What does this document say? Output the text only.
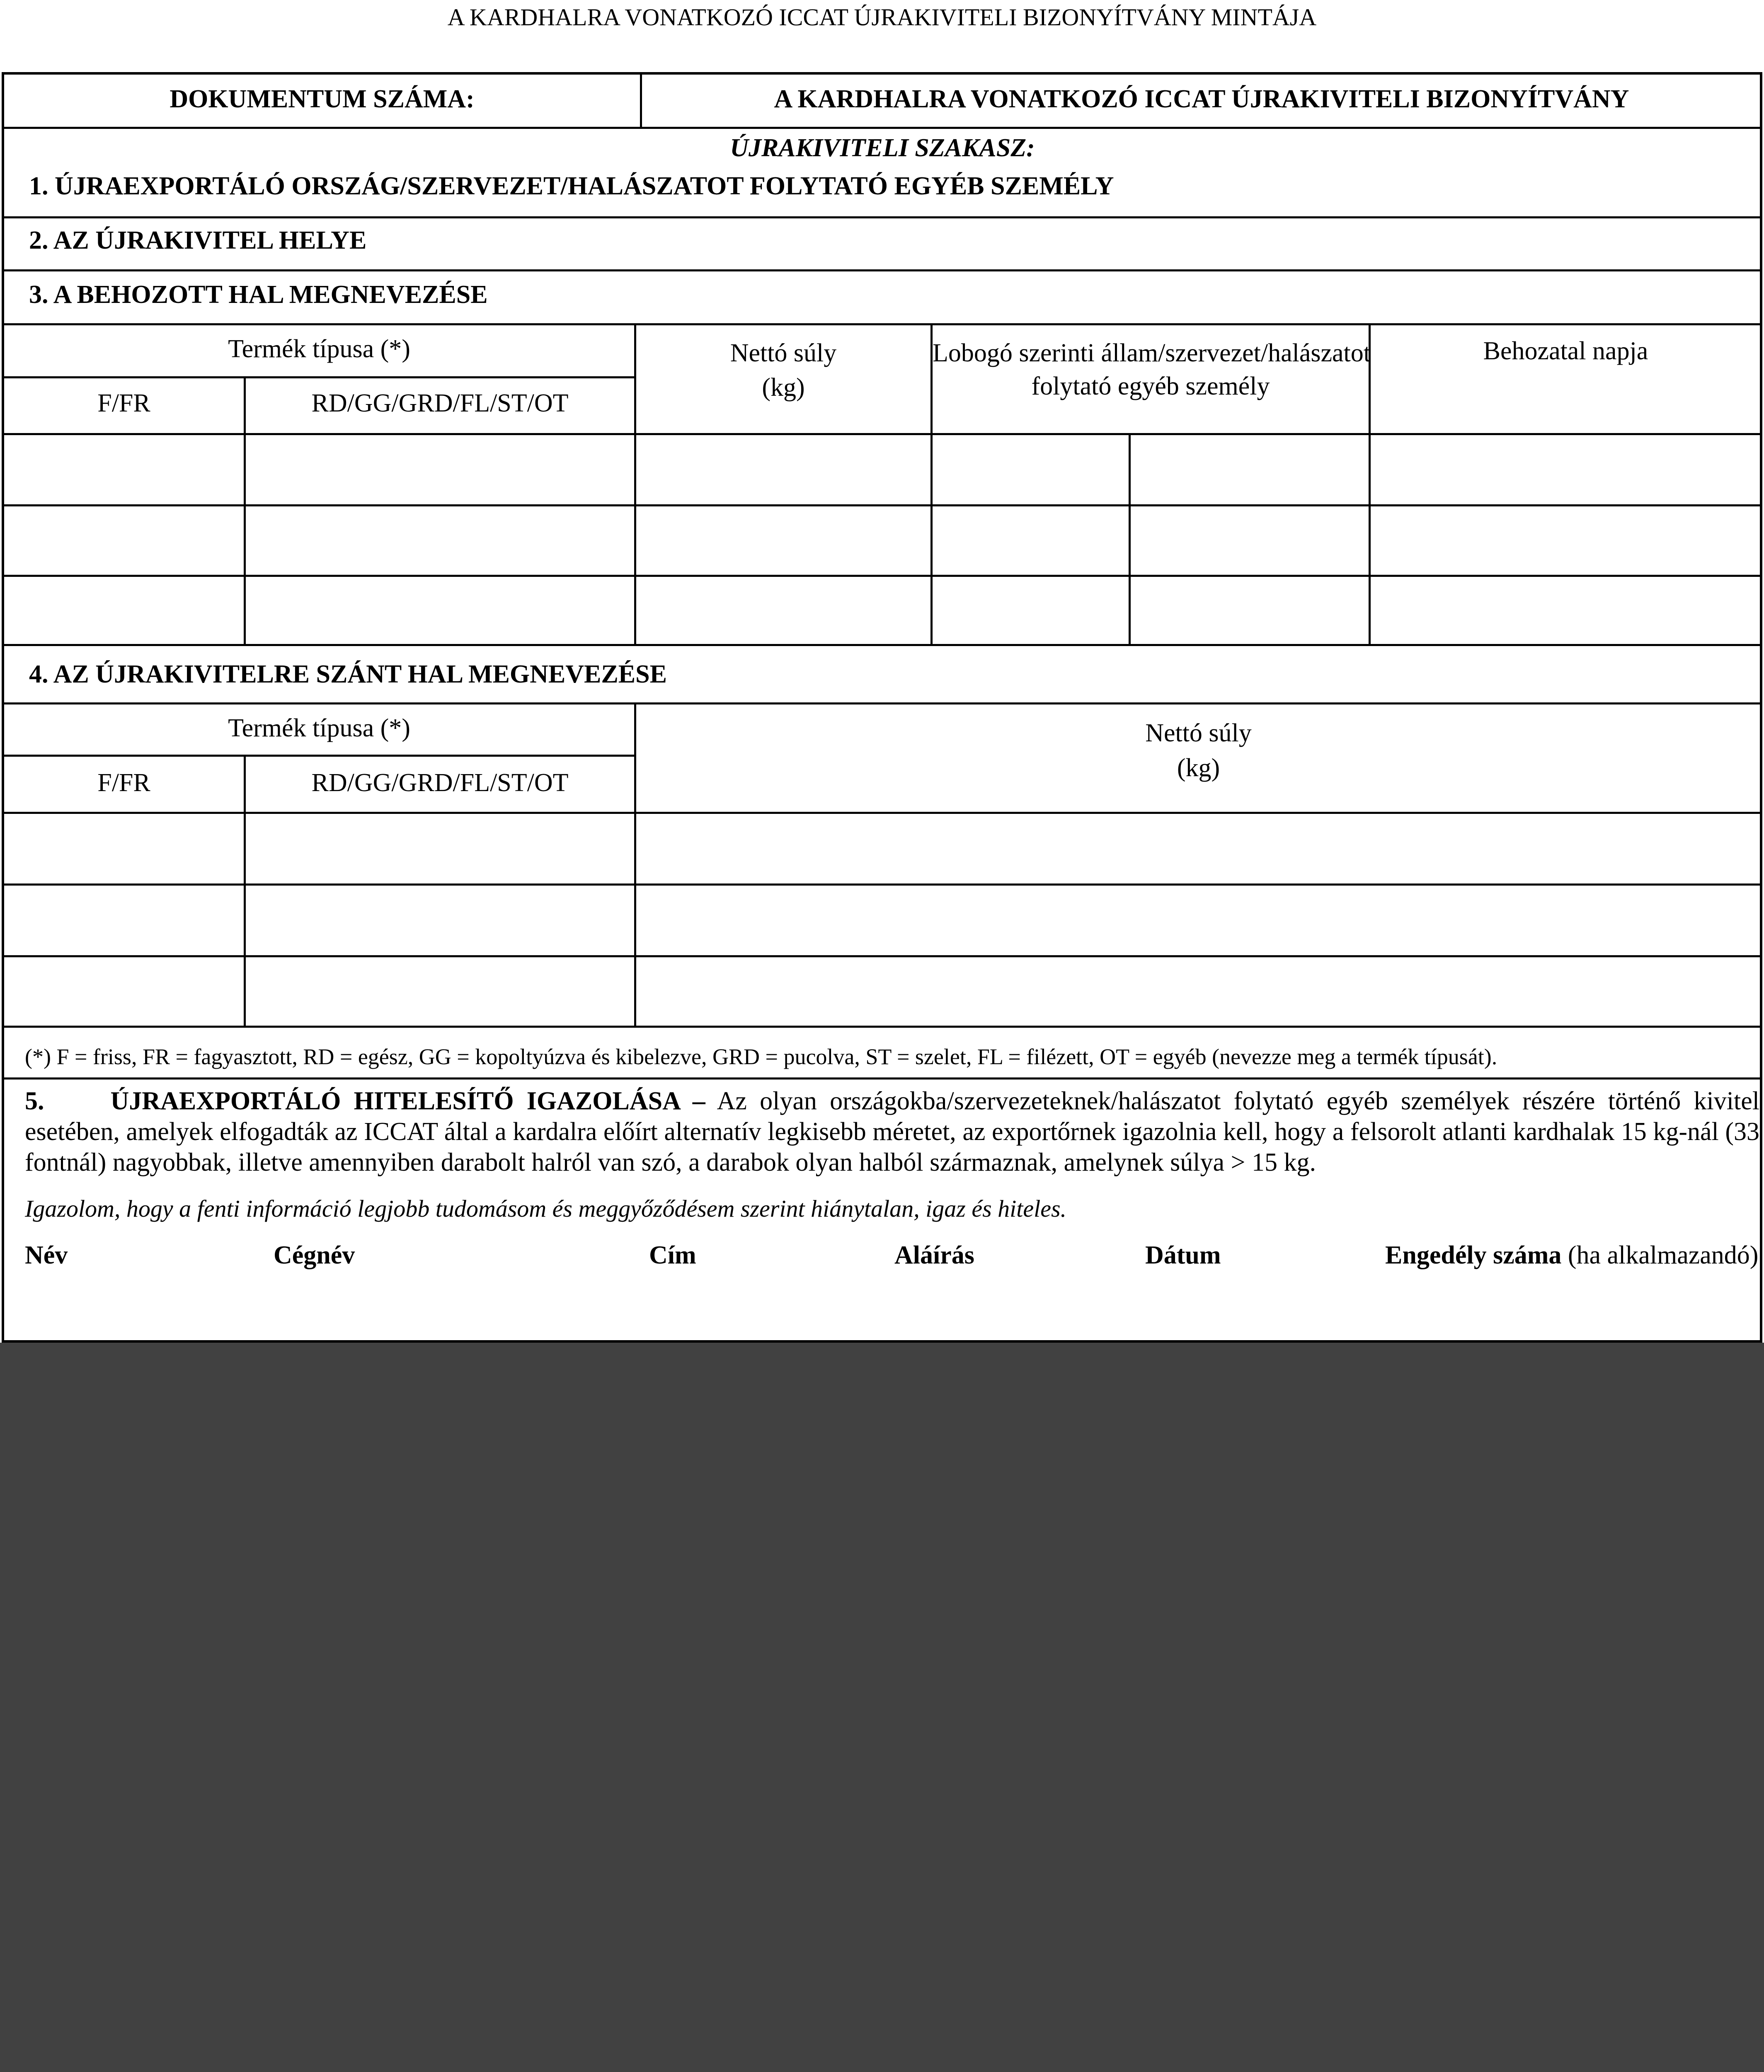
A KARDHALRA VONATKOZÓ ICCAT ÚJRAKIVITELI BIZONYÍTVÁNY MINTÁJA
DOKUMENTUM SZÁMA:	A KARDHALRA VONATKOZÓ ICCAT ÚJRAKIVITELI BIZONYÍTVÁNY
ÚJRAKIVITELI SZAKASZ:
1. ÚJRAEXPORTÁLÓ ORSZÁG/SZERVEZET/HALÁSZATOT FOLYTATÓ EGYÉB SZEMÉLY
2. AZ ÚJRAKIVITEL HELYE
3. A BEHOZOTT HAL MEGNEVEZÉSE
Termék típusa (*)
F/FR	RD/GG/GRD/FL/ST/OT
Nettó súly
(kg)
Lobogó szerinti állam/szervezet/halászatot
folytató egyéb személy
Behozatal napja
4. AZ ÚJRAKIVITELRE SZÁNT HAL MEGNEVEZÉSE
Termék típusa (*)
F/FR	RD/GG/GRD/FL/ST/OT
Nettó súly
(kg)
(*) F = friss, FR = fagyasztott, RD = egész, GG = kopoltyúzva és kibelezve, GRD = pucolva, ST = szelet, FL = filézett, OT = egyéb (nevezze meg a termék típusát).
5.	ÚJRAEXPORTÁLÓ HITELESÍTŐ IGAZOLÁSA – Az olyan országokba/szervezeteknek/halászatot folytató egyéb személyek részére történő kivitel esetében, amelyek elfogadták az ICCAT által a kardalra előírt alternatív legkisebb méretet, az exportőrnek igazolnia kell, hogy a felsorolt atlanti kardhalak 15 kg-nál (33 fontnál) nagyobbak, illetve amennyiben darabolt halról van szó, a darabok olyan halból származnak, amelynek súlya > 15 kg.
Igazolom, hogy a fenti információ legjobb tudomásom és meggyőződésem szerint hiánytalan, igaz és hiteles.
Név	Cégnév	Cím	Aláírás	Dátum	Engedély száma (ha alkalmazandó)
